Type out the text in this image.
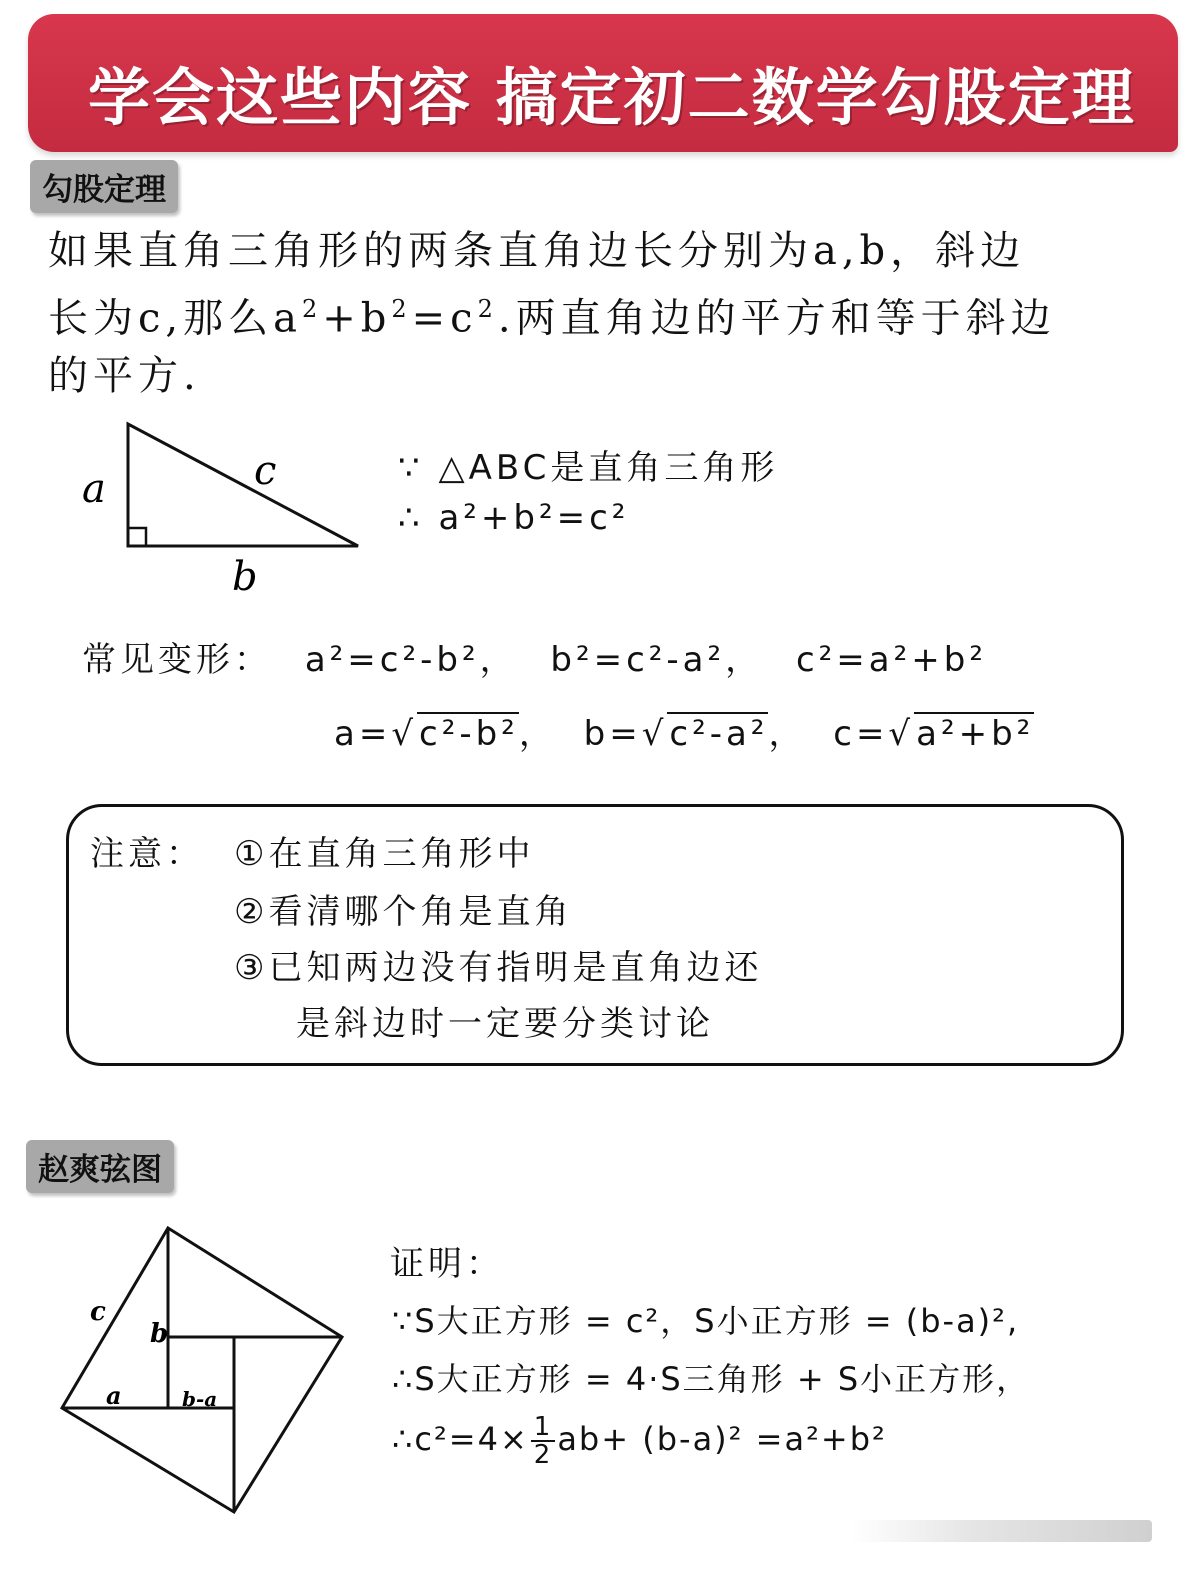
学会这些内容 搞定初二数学勾股定理
勾股定理
如果直角三角形的两条直角边长分别为a,b，斜边
长为c,那么$a^2+b^2=c^2$.两直角边的平方和等于斜边
的平方.
a	c
b
∵ △ABC是直角三角形
∴ a²+b²=c²
常见变形： a²=c²-b²， b²=c²-a²， c²=a²+b²
a=√c²-b²， b=√c²-a²， c=√a²+b²
注意： ①在直角三角形中
②看清哪个角是直角
③已知两边没有指明是直角边还
是斜边时一定要分类讨论
赵爽弦图
c
b
a	b-a
证明：
∵S大正方形 = c²，S小正方形 = (b-a)²,
∴S大正方形 = 4·S三角形 + S小正方形，
∴c²=4× $\frac{1}{2} ab+ (b-a)^2 =a^2+b^2$
